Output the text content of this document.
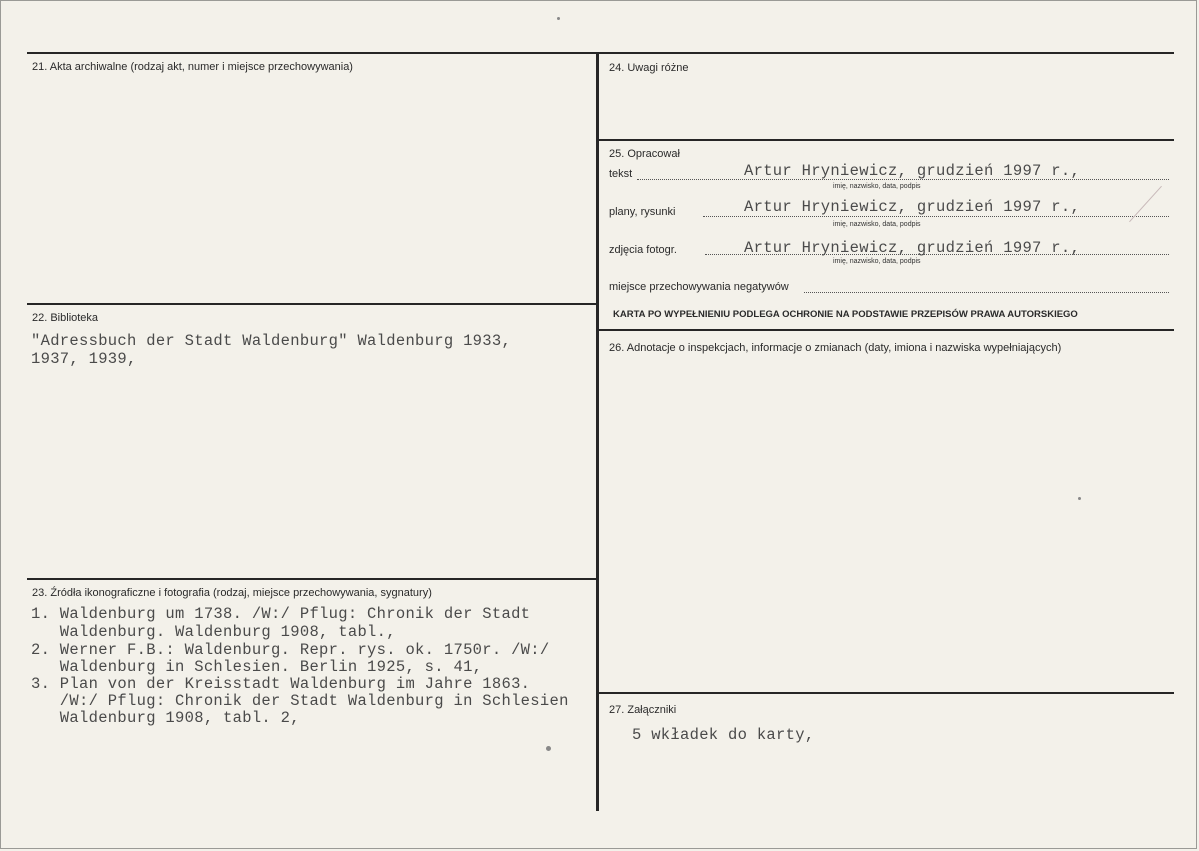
21. Akta archiwalne (rodzaj akt, numer i miejsce przechowywania)
22. Biblioteka
"Adressbuch der Stadt Waldenburg" Waldenburg 1933,
1937, 1939,
23. Źródła ikonograficzne i fotografia (rodzaj, miejsce przechowywania, sygnatury)
1. Waldenburg um 1738. /W:/ Pflug: Chronik der Stadt
Waldenburg. Waldenburg 1908, tabl.,
2. Werner F.B.: Waldenburg. Repr. rys. ok. 1750r. /W:/
Waldenburg in Schlesien. Berlin 1925, s. 41,
3. Plan von der Kreisstadt Waldenburg im Jahre 1863.
/W:/ Pflug: Chronik der Stadt Waldenburg in Schlesien
Waldenburg 1908, tabl. 2,
24. Uwagi różne
25. Opracował
tekst	Artur Hryniewicz, grudzień 1997 r.,
imię, nazwisko, data, podpis
plany, rysunki	Artur Hryniewicz, grudzień 1997 r.,
imię, nazwisko, data, podpis
zdjęcia fotogr.	Artur Hryniewicz, grudzień 1997 r.,
imię, nazwisko, data, podpis
miejsce przechowywania negatywów
KARTA PO WYPEŁNIENIU PODLEGA OCHRONIE NA PODSTAWIE PRZEPISÓW PRAWA AUTORSKIEGO
26. Adnotacje o inspekcjach, informacje o zmianach (daty, imiona i nazwiska wypełniających)
27. Załączniki
5 wkładek do karty,
